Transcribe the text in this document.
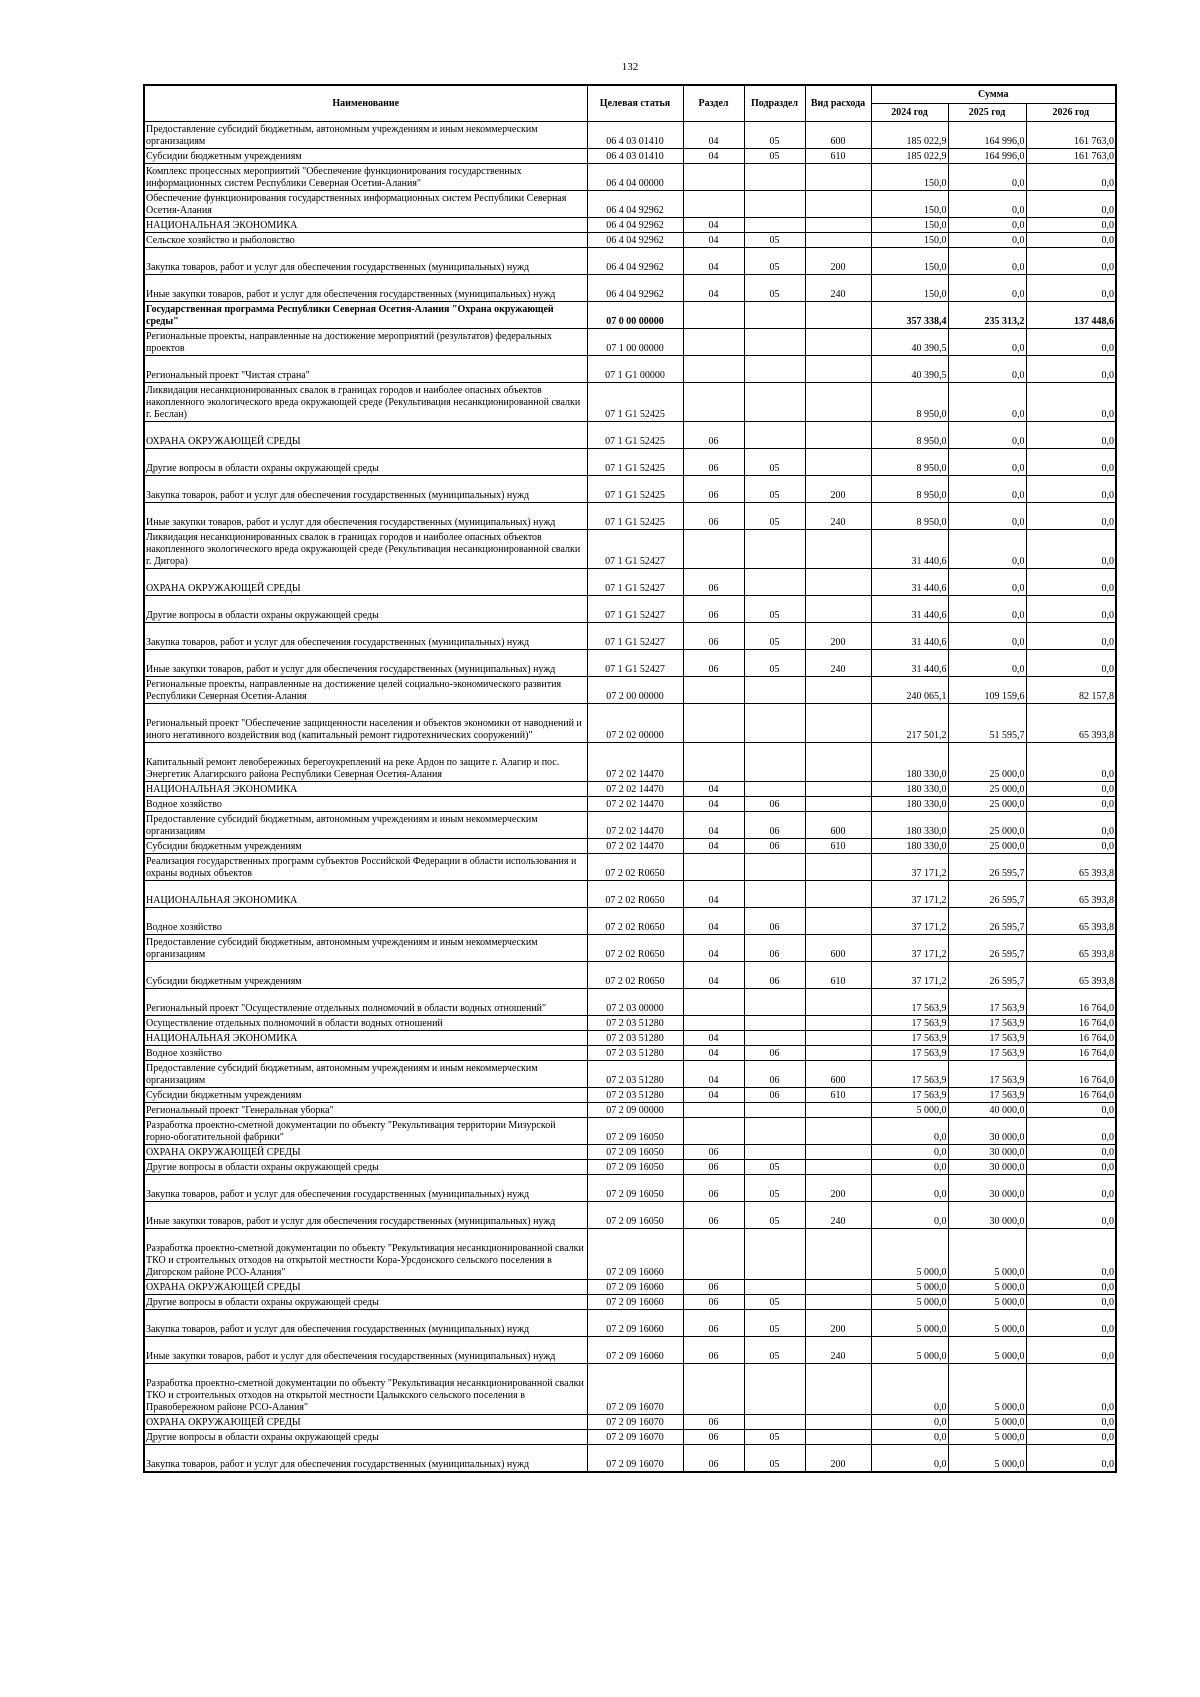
132
Наименование	Целевая статья	Раздел	Подраздел	Вид расхода	Сумма		
					2024 год	2025 год	2026 год
Предоставление субсидий бюджетным, автономным учреждениям и иным некоммерческим организациям	06 4 03 01410	04	05	600	185 022,9	164 996,0	161 763,0
Субсидии бюджетным учреждениям	06 4 03 01410	04	05	610	185 022,9	164 996,0	161 763,0
Комплекс процессных мероприятий "Обеспечение функционирования государственных информационных систем Республики Северная Осетия-Алания"	06 4 04 00000				150,0	0,0	0,0
Обеспечение функционирования государственных информационных систем Республики Северная Осетия-Алания	06 4 04 92962				150,0	0,0	0,0
НАЦИОНАЛЬНАЯ ЭКОНОМИКА	06 4 04 92962	04			150,0	0,0	0,0
Сельское хозяйство и рыболовство	06 4 04 92962	04	05		150,0	0,0	0,0
Закупка товаров, работ и услуг для обеспечения государственных (муниципальных) нужд	06 4 04 92962	04	05	200	150,0	0,0	0,0
Иные закупки товаров, работ и услуг для обеспечения государственных (муниципальных) нужд	06 4 04 92962	04	05	240	150,0	0,0	0,0
Государственная программа Республики Северная Осетия-Алания "Охрана окружающей среды"	07 0 00 00000				357 338,4	235 313,2	137 448,6
Региональные проекты, направленные на достижение мероприятий (результатов) федеральных проектов	07 1 00 00000				40 390,5	0,0	0,0
Региональный проект "Чистая страна"	07 1 G1 00000				40 390,5	0,0	0,0
Ликвидация несанкционированных свалок в границах городов и наиболее опасных объектов накопленного экологического вреда окружающей среде (Рекультивация несанкционированной свалки г. Беслан)	07 1 G1 52425				8 950,0	0,0	0,0
ОХРАНА ОКРУЖАЮЩЕЙ СРЕДЫ	07 1 G1 52425	06			8 950,0	0,0	0,0
Другие вопросы в области охраны окружающей среды	07 1 G1 52425	06	05		8 950,0	0,0	0,0
Закупка товаров, работ и услуг для обеспечения государственных (муниципальных) нужд	07 1 G1 52425	06	05	200	8 950,0	0,0	0,0
Иные закупки товаров, работ и услуг для обеспечения государственных (муниципальных) нужд	07 1 G1 52425	06	05	240	8 950,0	0,0	0,0
Ликвидация несанкционированных свалок в границах городов и наиболее опасных объектов накопленного экологического вреда окружающей среде (Рекультивация несанкционированной свалки г. Дигора)	07 1 G1 52427				31 440,6	0,0	0,0
ОХРАНА ОКРУЖАЮЩЕЙ СРЕДЫ	07 1 G1 52427	06			31 440,6	0,0	0,0
Другие вопросы в области охраны окружающей среды	07 1 G1 52427	06	05		31 440,6	0,0	0,0
Закупка товаров, работ и услуг для обеспечения государственных (муниципальных) нужд	07 1 G1 52427	06	05	200	31 440,6	0,0	0,0
Иные закупки товаров, работ и услуг для обеспечения государственных (муниципальных) нужд	07 1 G1 52427	06	05	240	31 440,6	0,0	0,0
Региональные проекты, направленные на достижение целей социально-экономического развития Республики Северная Осетия-Алания	07 2 00 00000				240 065,1	109 159,6	82 157,8
Региональный проект "Обеспечение защищенности населения и объектов экономики от наводнений и иного негативного воздействия вод (капитальный ремонт гидротехнических сооружений)"	07 2 02 00000				217 501,2	51 595,7	65 393,8
Капитальный ремонт левобережных берегоукреплений на реке Ардон по защите г. Алагир и пос. Энергетик Алагирского района Республики Северная Осетия-Алания	07 2 02 14470				180 330,0	25 000,0	0,0
НАЦИОНАЛЬНАЯ ЭКОНОМИКА	07 2 02 14470	04			180 330,0	25 000,0	0,0
Водное хозяйство	07 2 02 14470	04	06		180 330,0	25 000,0	0,0
Предоставление субсидий бюджетным, автономным учреждениям и иным некоммерческим организациям	07 2 02 14470	04	06	600	180 330,0	25 000,0	0,0
Субсидии бюджетным учреждениям	07 2 02 14470	04	06	610	180 330,0	25 000,0	0,0
Реализация государственных программ субъектов Российской Федерации в области использования и охраны водных объектов	07 2 02 R0650				37 171,2	26 595,7	65 393,8
НАЦИОНАЛЬНАЯ ЭКОНОМИКА	07 2 02 R0650	04			37 171,2	26 595,7	65 393,8
Водное хозяйство	07 2 02 R0650	04	06		37 171,2	26 595,7	65 393,8
Предоставление субсидий бюджетным, автономным учреждениям и иным некоммерческим организациям	07 2 02 R0650	04	06	600	37 171,2	26 595,7	65 393,8
Субсидии бюджетным учреждениям	07 2 02 R0650	04	06	610	37 171,2	26 595,7	65 393,8
Региональный проект "Осуществление отдельных полномочий в области водных отношений"	07 2 03 00000				17 563,9	17 563,9	16 764,0
Осуществление отдельных полномочий в области водных отношений	07 2 03 51280				17 563,9	17 563,9	16 764,0
НАЦИОНАЛЬНАЯ ЭКОНОМИКА	07 2 03 51280	04			17 563,9	17 563,9	16 764,0
Водное хозяйство	07 2 03 51280	04	06		17 563,9	17 563,9	16 764,0
Предоставление субсидий бюджетным, автономным учреждениям и иным некоммерческим организациям	07 2 03 51280	04	06	600	17 563,9	17 563,9	16 764,0
Субсидии бюджетным учреждениям	07 2 03 51280	04	06	610	17 563,9	17 563,9	16 764,0
Региональный проект "Генеральная уборка"	07 2 09 00000				5 000,0	40 000,0	0,0
Разработка проектно-сметной документации по объекту "Рекультивация территории Мизурской горно-обогатительной фабрики"	07 2 09 16050				0,0	30 000,0	0,0
ОХРАНА ОКРУЖАЮЩЕЙ СРЕДЫ	07 2 09 16050	06			0,0	30 000,0	0,0
Другие вопросы в области охраны окружающей среды	07 2 09 16050	06	05		0,0	30 000,0	0,0
Закупка товаров, работ и услуг для обеспечения государственных (муниципальных) нужд	07 2 09 16050	06	05	200	0,0	30 000,0	0,0
Иные закупки товаров, работ и услуг для обеспечения государственных (муниципальных) нужд	07 2 09 16050	06	05	240	0,0	30 000,0	0,0
Разработка проектно-сметной документации по объекту "Рекультивация несанкционированной свалки ТКО и строительных отходов на открытой местности Кора-Урсдонского сельского поселения в Дигорском районе РСО-Алания"	07 2 09 16060				5 000,0	5 000,0	0,0
ОХРАНА ОКРУЖАЮЩЕЙ СРЕДЫ	07 2 09 16060	06			5 000,0	5 000,0	0,0
Другие вопросы в области охраны окружающей среды	07 2 09 16060	06	05		5 000,0	5 000,0	0,0
Закупка товаров, работ и услуг для обеспечения государственных (муниципальных) нужд	07 2 09 16060	06	05	200	5 000,0	5 000,0	0,0
Иные закупки товаров, работ и услуг для обеспечения государственных (муниципальных) нужд	07 2 09 16060	06	05	240	5 000,0	5 000,0	0,0
Разработка проектно-сметной документации по объекту "Рекультивация несанкционированной свалки ТКО и строительных отходов на открытой местности Цалыкского сельского поселения в Правобережном районе РСО-Алания"	07 2 09 16070				0,0	5 000,0	0,0
ОХРАНА ОКРУЖАЮЩЕЙ СРЕДЫ	07 2 09 16070	06			0,0	5 000,0	0,0
Другие вопросы в области охраны окружающей среды	07 2 09 16070	06	05		0,0	5 000,0	0,0
Закупка товаров, работ и услуг для обеспечения государственных (муниципальных) нужд	07 2 09 16070	06	05	200	0,0	5 000,0	0,0
